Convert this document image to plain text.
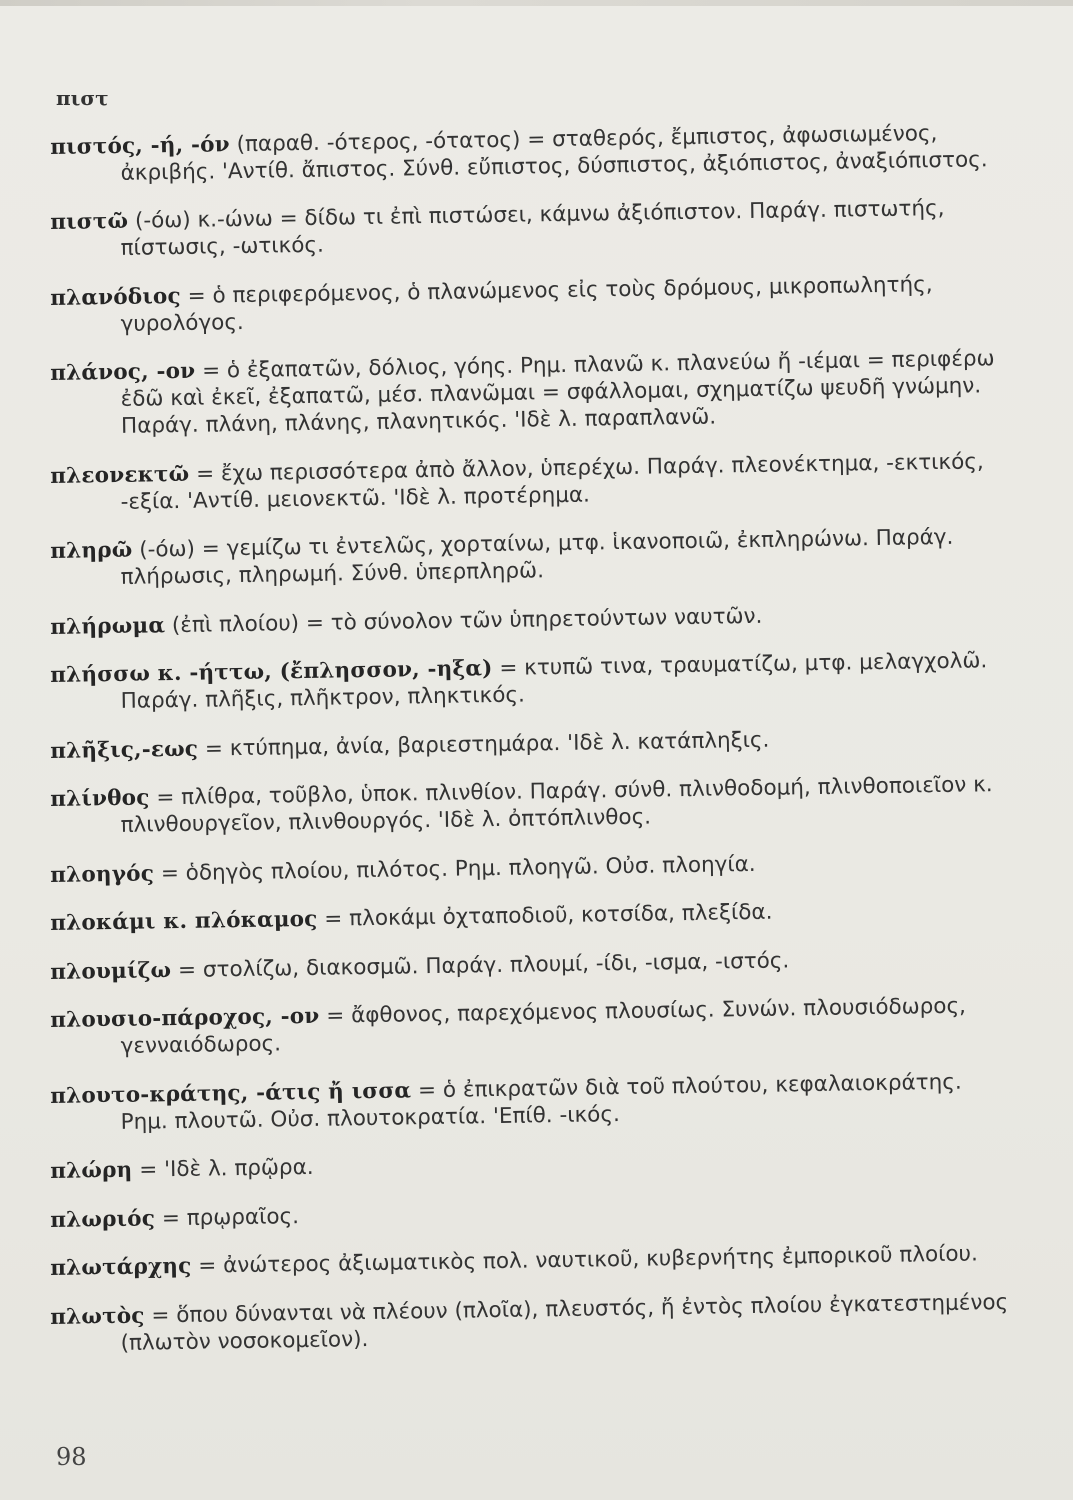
πιστ

πιστός, -ή, -όν (παραθ. -ότερος, -ότατος) = σταθερός, ἔμπιστος, ἀφωσιωμένος, ἀκριβής. 'Αντίθ. ἄπιστος. Σύνθ. εὔπιστος, δύσπιστος, ἀξιόπιστος, ἀναξιόπιστος.

πιστῶ (-όω) κ.-ώνω = δίδω τι ἐπὶ πιστώσει, κάμνω ἀξιόπιστον. Παράγ. πιστωτής, πίστωσις, -ωτικός.

πλανόδιος = ὁ περιφερόμενος, ὁ πλανώμενος εἰς τοὺς δρόμους, μικροπωλητής, γυρολόγος.

πλάνος, -ον = ὁ ἐξαπατῶν, δόλιος, γόης. Ρημ. πλανῶ κ. πλανεύω ἤ -ιέμαι = περιφέρω ἐδῶ καὶ ἐκεῖ, ἐξαπατῶ, μέσ. πλανῶμαι = σφάλλομαι, σχηματίζω ψευδῆ γνώμην. Παράγ. πλάνη, πλάνης, πλανητικός. 'Ιδὲ λ. παραπλανῶ.

πλεονεκτῶ = ἔχω περισσότερα ἀπὸ ἄλλον, ὑπερέχω. Παράγ. πλεονέκτημα, -εκτικός, -εξία. 'Αντίθ. μειονεκτῶ. 'Ιδὲ λ. προτέρημα.

πληρῶ (-όω) = γεμίζω τι ἐντελῶς, χορταίνω, μτφ. ἱκανοποιῶ, ἐκπληρώνω. Παράγ. πλήρωσις, πληρωμή. Σύνθ. ὑπερπληρῶ.

πλήρωμα (ἐπὶ πλοίου) = τὸ σύνολον τῶν ὑπηρετούντων ναυτῶν.

πλήσσω κ. -ήττω, (ἔπλησσον, -ηξα) = κτυπῶ τινα, τραυματίζω, μτφ. μελαγχολῶ. Παράγ. πλῆξις, πλῆκτρον, πληκτικός.

πλῆξις,-εως = κτύπημα, ἀνία, βαριεστημάρα. 'Ιδὲ λ. κατάπληξις.

πλίνθος = πλίθρα, τοῦβλο, ὑποκ. πλινθίον. Παράγ. σύνθ. πλινθοδομή, πλινθοποιεῖον κ. πλινθουργεῖον, πλινθουργός. 'Ιδὲ λ. ὀπτόπλινθος.

πλοηγός = ὁδηγὸς πλοίου, πιλότος. Ρημ. πλοηγῶ. Οὐσ. πλοηγία.

πλοκάμι κ. πλόκαμος = πλοκάμι ὀχταποδιοῦ, κοτσίδα, πλεξίδα.

πλουμίζω = στολίζω, διακοσμῶ. Παράγ. πλουμί, -ίδι, -ισμα, -ιστός.

πλουσιο-πάροχος, -ον = ἄφθονος, παρεχόμενος πλουσίως. Συνών. πλουσιόδωρος, γενναιόδωρος.

πλουτο-κράτης, -άτις ἤ ισσα = ὁ ἐπικρατῶν διὰ τοῦ πλούτου, κεφαλαιοκράτης. Ρημ. πλουτῶ. Οὐσ. πλουτοκρατία. 'Επίθ. -ικός.

πλώρη = 'Ιδὲ λ. πρῷρα.

πλωριός = πρῳραῖος.

πλωτάρχης = ἀνώτερος ἀξιωματικὸς πολ. ναυτικοῦ, κυβερνήτης ἐμπορικοῦ πλοίου.

πλωτὸς = ὅπου δύνανται νὰ πλέουν (πλοῖα), πλευστός, ἤ ἐντὸς πλοίου ἐγκατεστημένος (πλωτὸν νοσοκομεῖον).

98
